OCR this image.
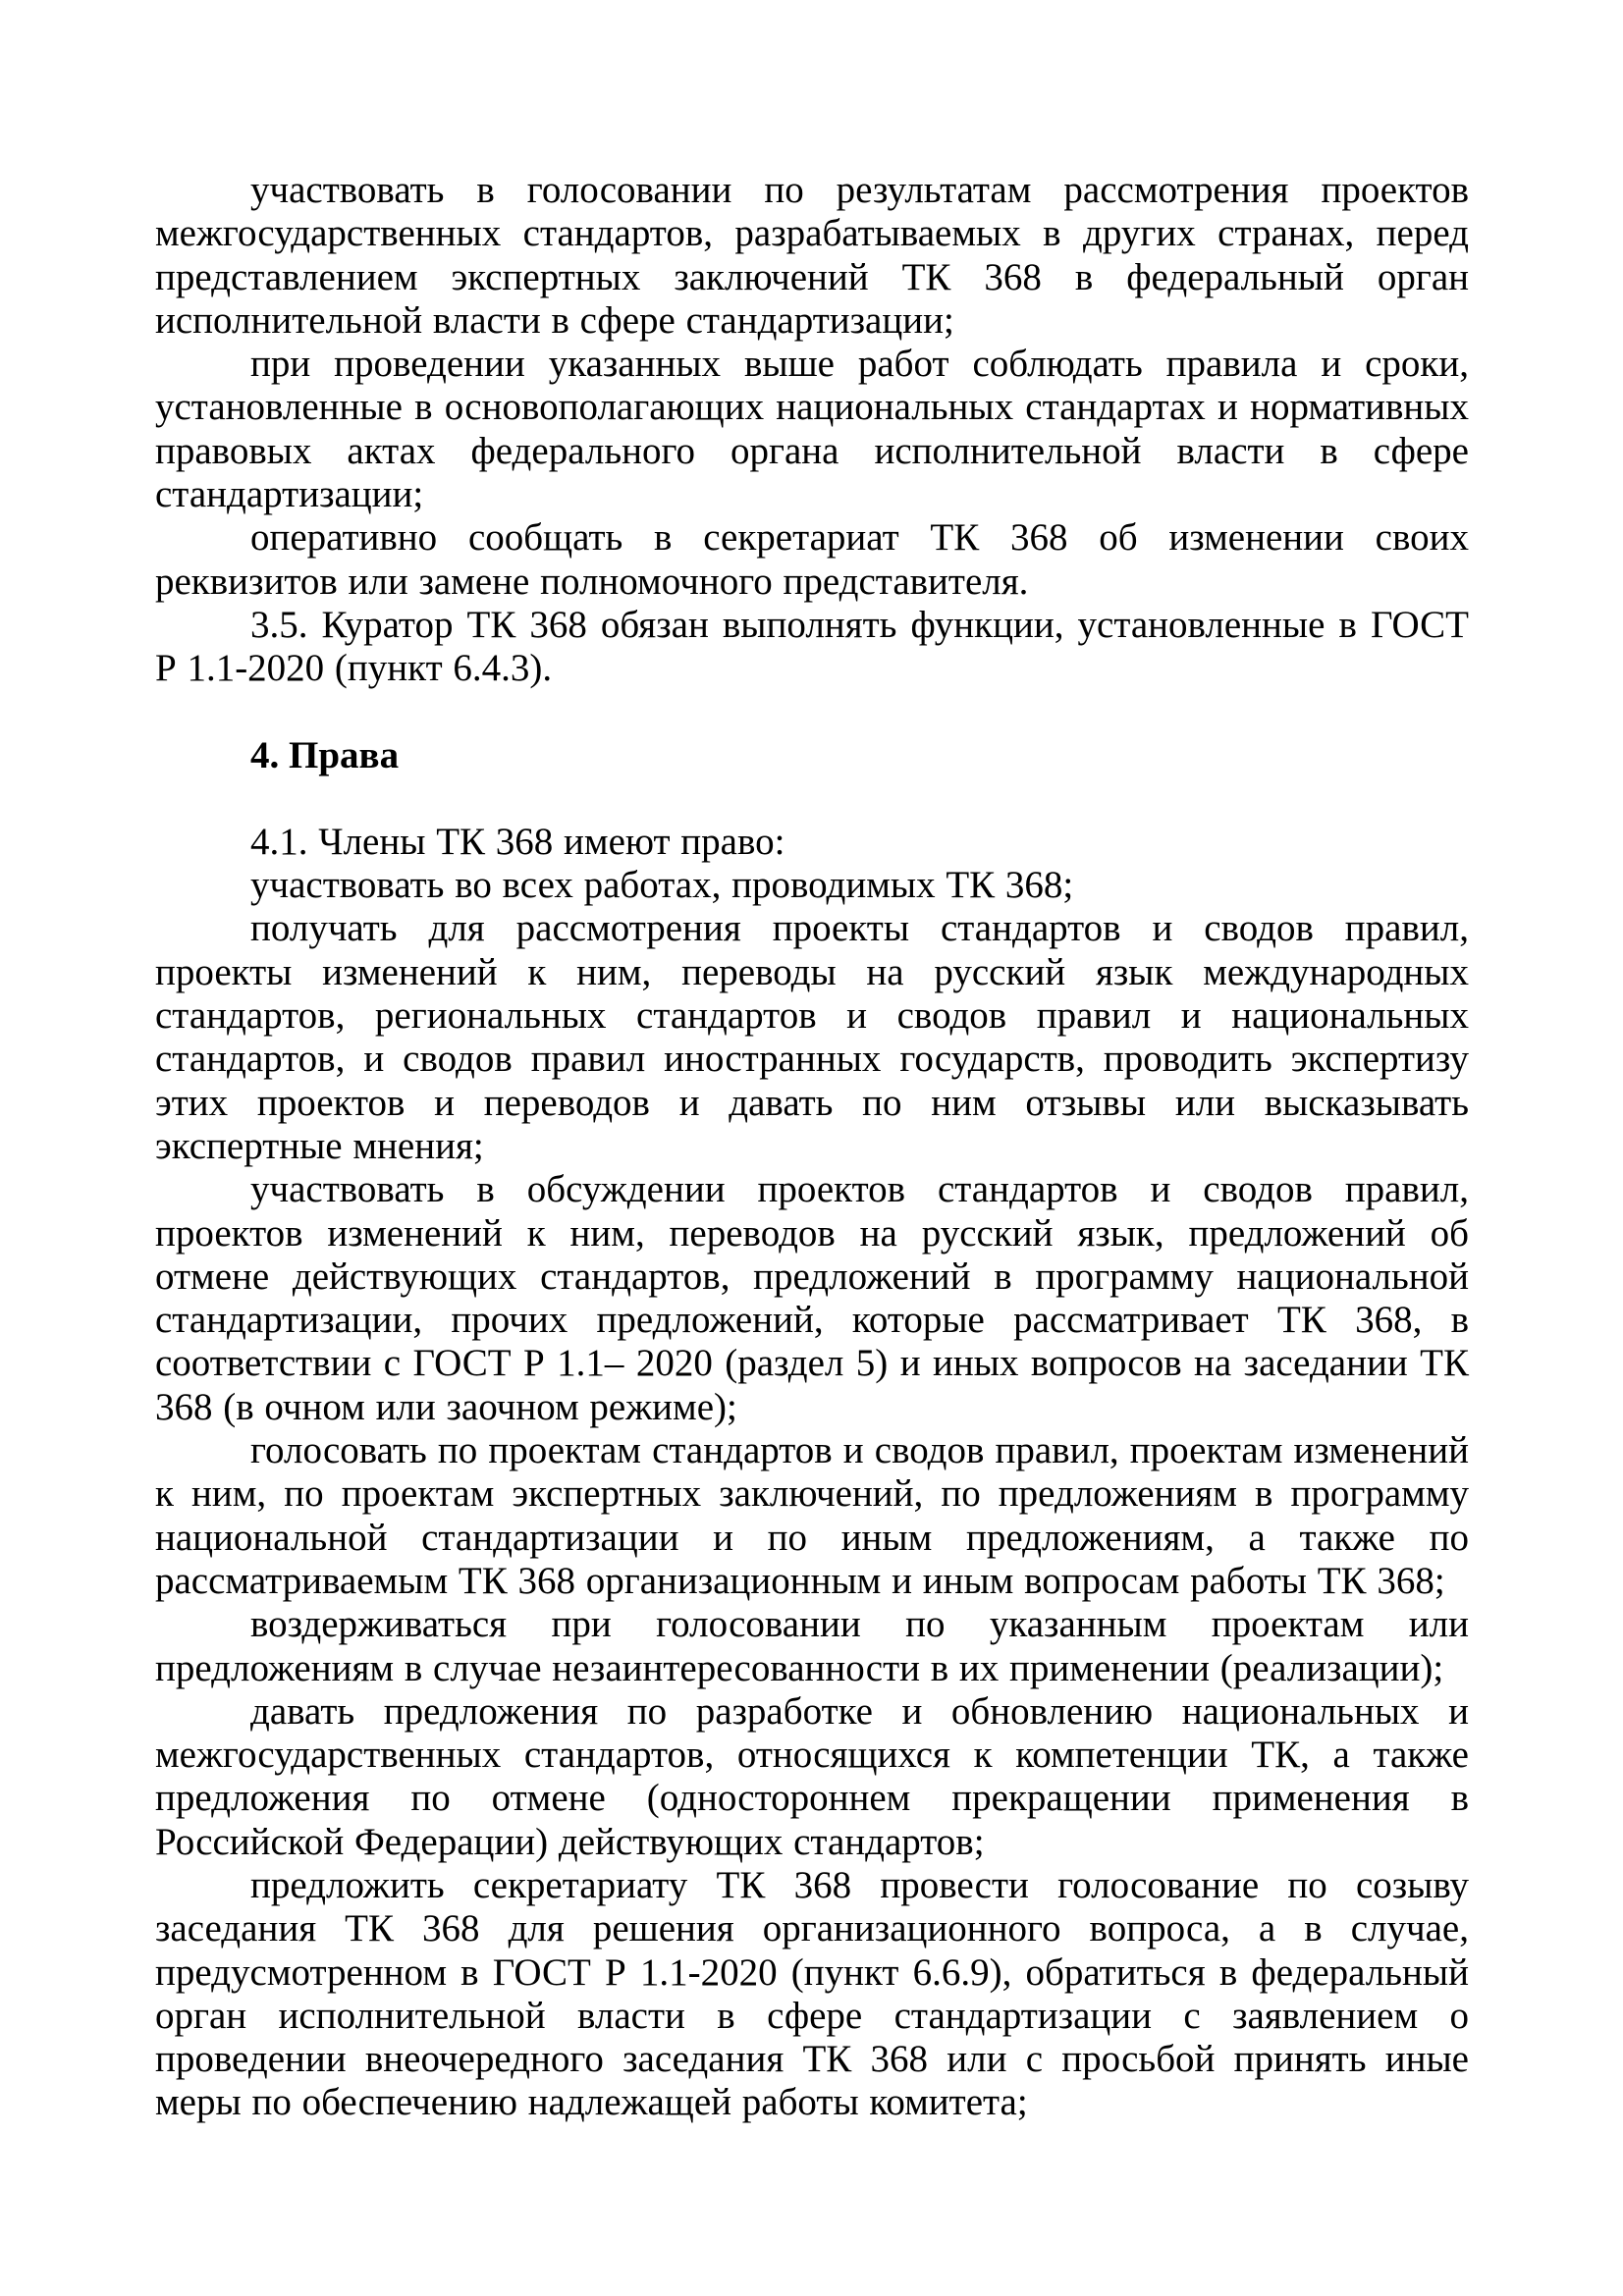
участвовать в голосовании по результатам рассмотрения проектов межгосударственных стандартов, разрабатываемых в других странах, перед представлением экспертных заключений ТК 368 в федеральный орган исполнительной власти в сфере стандартизации;

при проведении указанных выше работ соблюдать правила и сроки, установленные в основополагающих национальных стандартах и нормативных правовых актах федерального органа исполнительной власти в сфере стандартизации;

оперативно сообщать в секретариат ТК 368 об изменении своих реквизитов или замене полномочного представителя.

3.5. Куратор ТК 368 обязан выполнять функции, установленные в ГОСТ Р 1.1-2020 (пункт 6.4.3).

4. Права

4.1. Члены ТК 368 имеют право:

участвовать во всех работах, проводимых ТК 368;

получать для рассмотрения проекты стандартов и сводов правил, проекты изменений к ним, переводы на русский язык международных стандартов, региональных стандартов и сводов правил и национальных стандартов, и сводов правил иностранных государств, проводить экспертизу этих проектов и переводов и давать по ним отзывы или высказывать экспертные мнения;

участвовать в обсуждении проектов стандартов и сводов правил, проектов изменений к ним, переводов на русский язык, предложений об отмене действующих стандартов, предложений в программу национальной стандартизации, прочих предложений, которые рассматривает ТК 368, в соответствии с ГОСТ Р 1.1– 2020 (раздел 5) и иных вопросов на заседании ТК 368 (в очном или заочном режиме);

голосовать по проектам стандартов и сводов правил, проектам изменений к ним, по проектам экспертных заключений, по предложениям в программу национальной стандартизации и по иным предложениям, а также по рассматриваемым ТК 368 организационным и иным вопросам работы ТК 368;

воздерживаться при голосовании по указанным проектам или предложениям в случае незаинтересованности в их применении (реализации);

давать предложения по разработке и обновлению национальных и межгосударственных стандартов, относящихся к компетенции ТК, а также предложения по отмене (одностороннем прекращении применения в Российской Федерации) действующих стандартов;

предложить секретариату ТК 368 провести голосование по созыву заседания ТК 368 для решения организационного вопроса, а в случае, предусмотренном в ГОСТ Р 1.1-2020 (пункт 6.6.9), обратиться в федеральный орган исполнительной власти в сфере стандартизации с заявлением о проведении внеочередного заседания ТК 368 или с просьбой принять иные меры по обеспечению надлежащей работы комитета;
